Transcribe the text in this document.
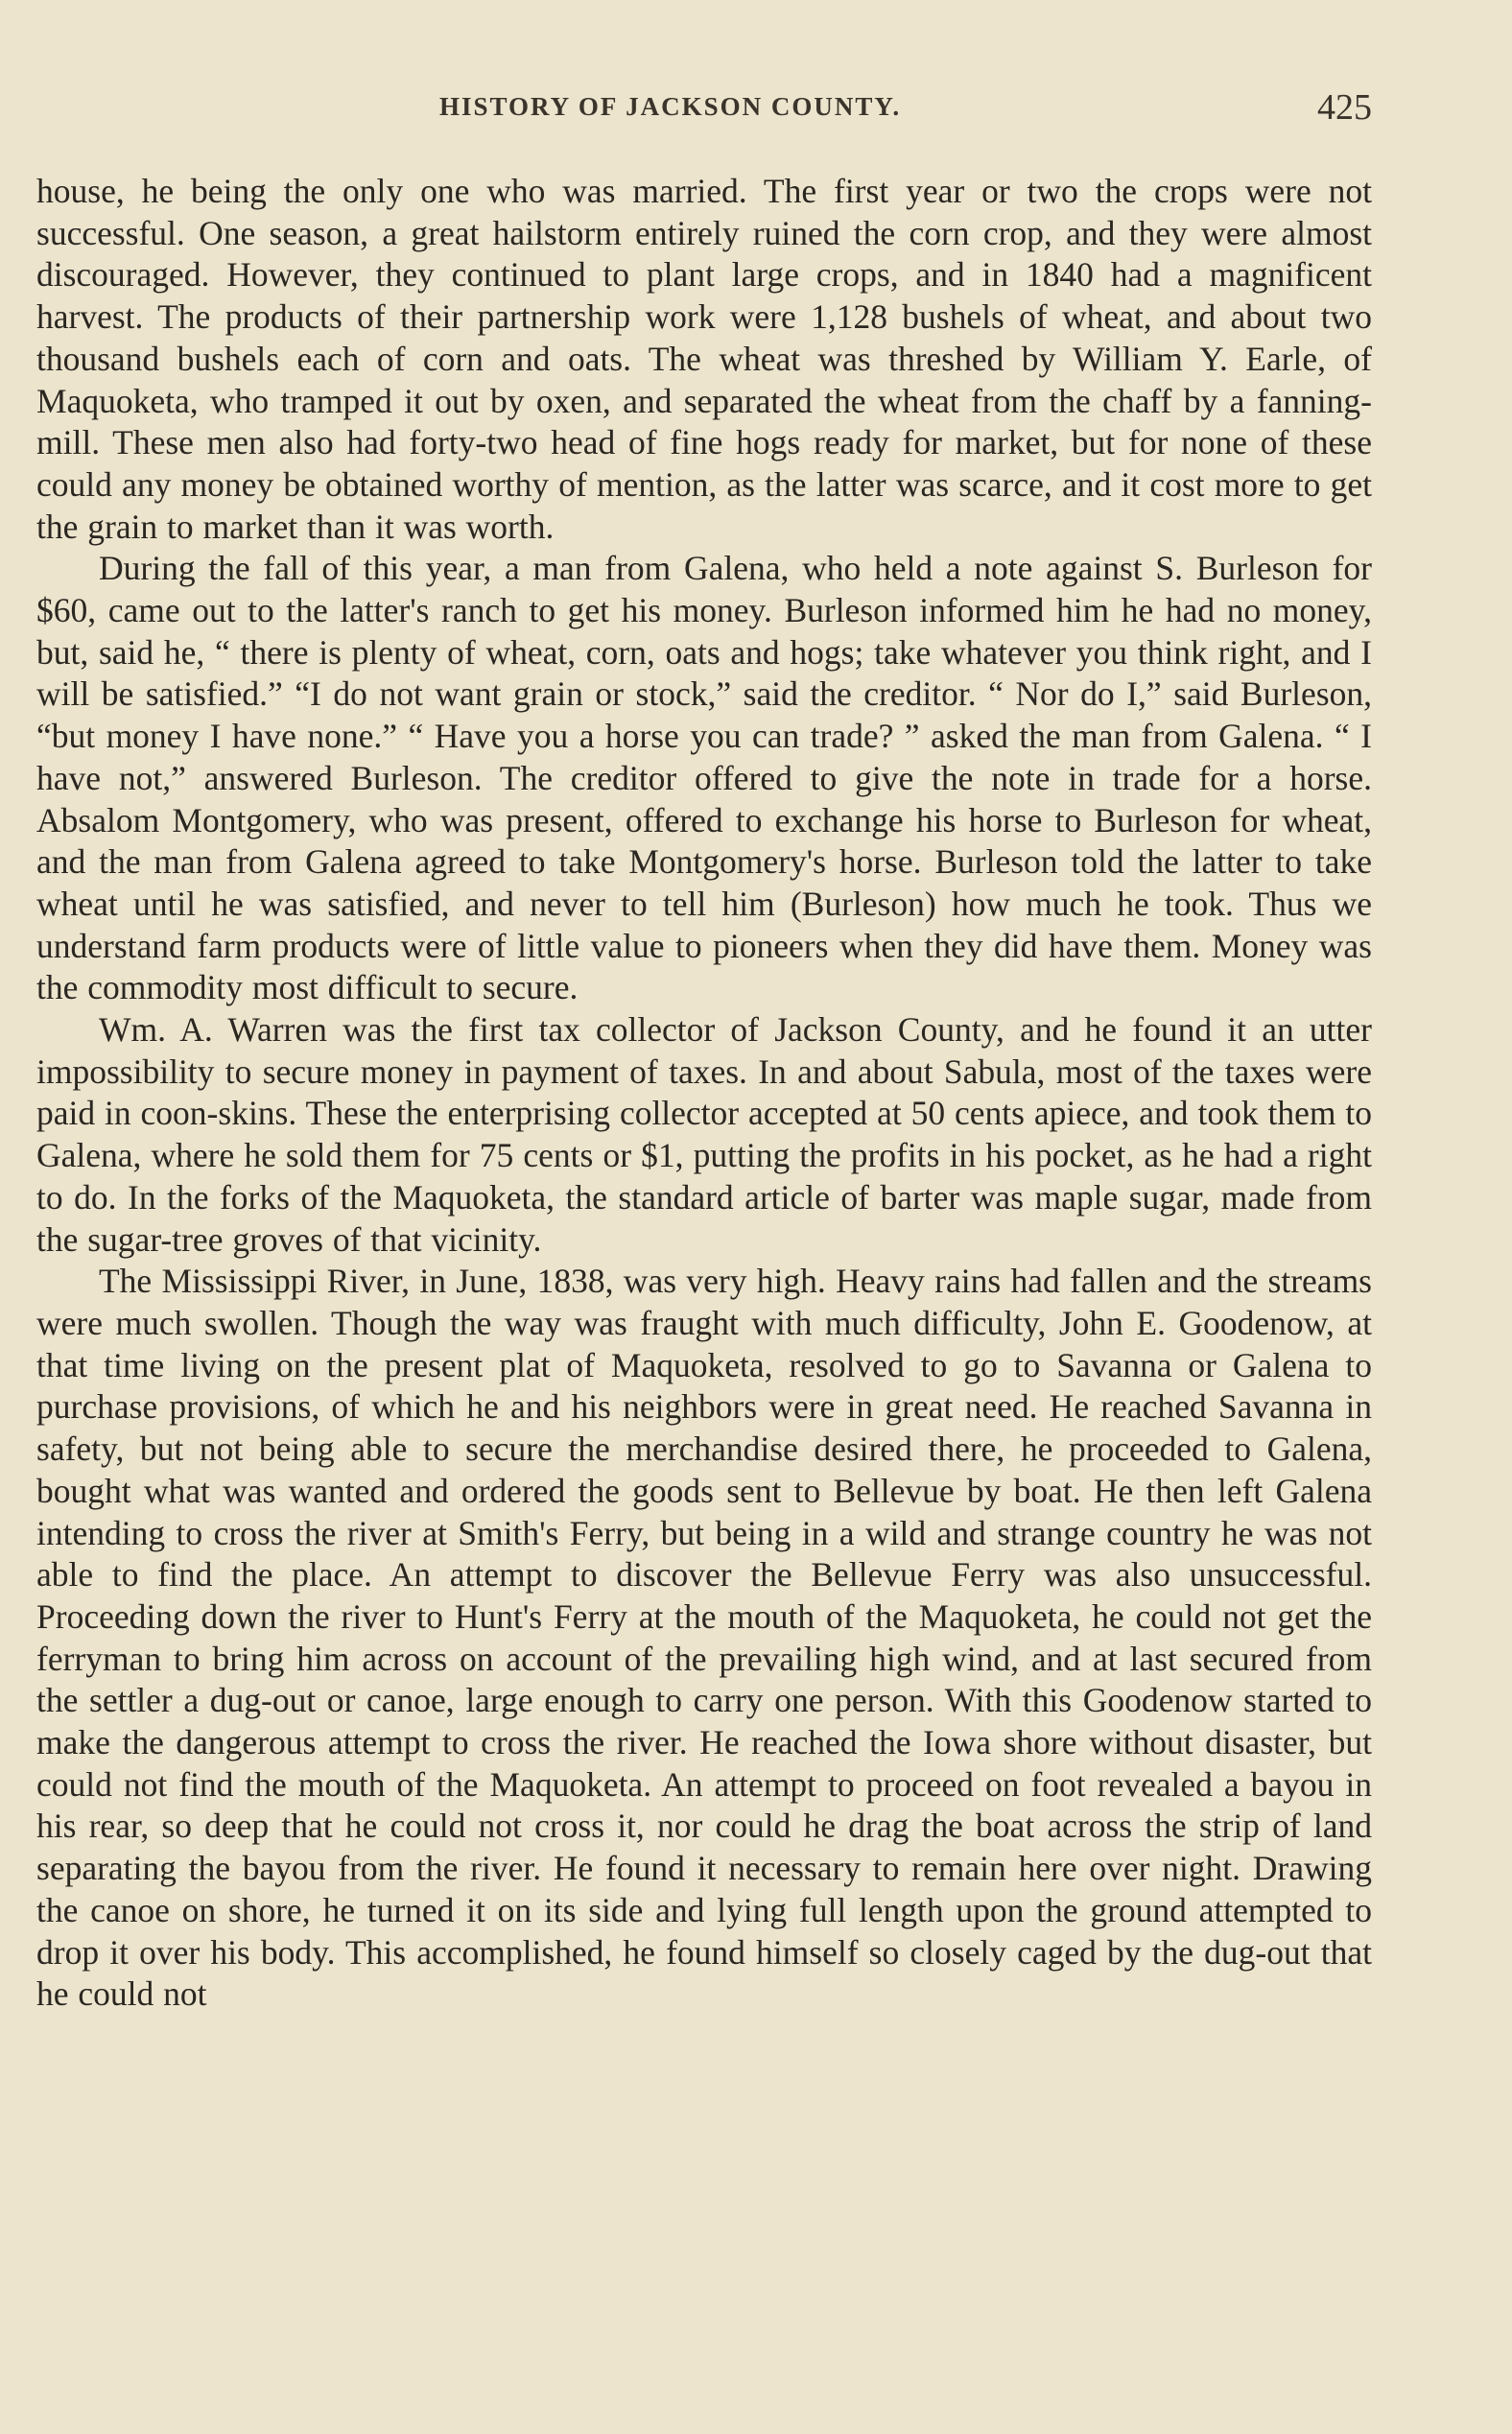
HISTORY OF JACKSON COUNTY.	425

house, he being the only one who was married. The first year or two the crops were not successful. One season, a great hailstorm entirely ruined the corn crop, and they were almost discouraged. However, they continued to plant large crops, and in 1840 had a magnificent harvest. The products of their partnership work were 1,128 bushels of wheat, and about two thousand bushels each of corn and oats. The wheat was threshed by William Y. Earle, of Maquoketa, who tramped it out by oxen, and separated the wheat from the chaff by a fanning-mill. These men also had forty-two head of fine hogs ready for market, but for none of these could any money be obtained worthy of mention, as the latter was scarce, and it cost more to get the grain to market than it was worth.

During the fall of this year, a man from Galena, who held a note against S. Burleson for $60, came out to the latter's ranch to get his money. Burleson informed him he had no money, but, said he, “ there is plenty of wheat, corn, oats and hogs; take whatever you think right, and I will be satisfied.” “I do not want grain or stock,” said the creditor. “ Nor do I,” said Burleson, “but money I have none.” “ Have you a horse you can trade? ” asked the man from Galena. “ I have not,” answered Burleson. The creditor offered to give the note in trade for a horse. Absalom Montgomery, who was present, offered to exchange his horse to Burleson for wheat, and the man from Galena agreed to take Montgomery's horse. Burleson told the latter to take wheat until he was satisfied, and never to tell him (Burleson) how much he took. Thus we understand farm products were of little value to pioneers when they did have them. Money was the commodity most difficult to secure.

Wm. A. Warren was the first tax collector of Jackson County, and he found it an utter impossibility to secure money in payment of taxes. In and about Sabula, most of the taxes were paid in coon-skins. These the enterprising collector accepted at 50 cents apiece, and took them to Galena, where he sold them for 75 cents or $1, putting the profits in his pocket, as he had a right to do. In the forks of the Maquoketa, the standard article of barter was maple sugar, made from the sugar-tree groves of that vicinity.

The Mississippi River, in June, 1838, was very high. Heavy rains had fallen and the streams were much swollen. Though the way was fraught with much difficulty, John E. Goodenow, at that time living on the present plat of Maquoketa, resolved to go to Savanna or Galena to purchase provisions, of which he and his neighbors were in great need. He reached Savanna in safety, but not being able to secure the merchandise desired there, he proceeded to Galena, bought what was wanted and ordered the goods sent to Bellevue by boat. He then left Galena intending to cross the river at Smith's Ferry, but being in a wild and strange country he was not able to find the place. An attempt to discover the Bellevue Ferry was also unsuccessful. Proceeding down the river to Hunt's Ferry at the mouth of the Maquoketa, he could not get the ferryman to bring him across on account of the prevailing high wind, and at last secured from the settler a dug-out or canoe, large enough to carry one person. With this Goodenow started to make the dangerous attempt to cross the river. He reached the Iowa shore without disaster, but could not find the mouth of the Maquoketa. An attempt to proceed on foot revealed a bayou in his rear, so deep that he could not cross it, nor could he drag the boat across the strip of land separating the bayou from the river. He found it necessary to remain here over night. Drawing the canoe on shore, he turned it on its side and lying full length upon the ground attempted to drop it over his body. This accomplished, he found himself so closely caged by the dug-out that he could not
